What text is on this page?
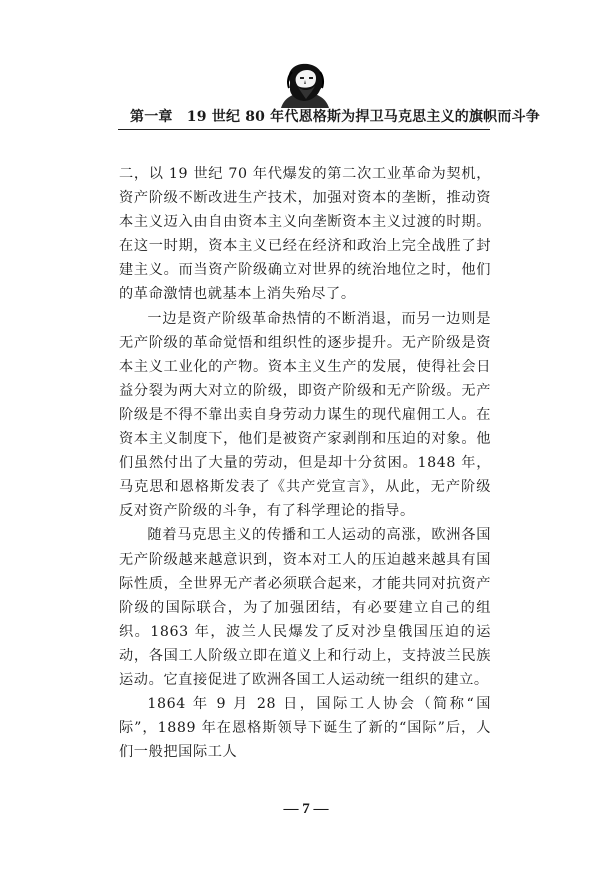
第一章　19 世纪 80 年代恩格斯为捍卫马克思主义的旗帜而斗争

二，以 19 世纪 70 年代爆发的第二次工业革命为契机，资产阶级不断改进生产技术，加强对资本的垄断，推动资本主义迈入由自由资本主义向垄断资本主义过渡的时期。在这一时期，资本主义已经在经济和政治上完全战胜了封建主义。而当资产阶级确立对世界的统治地位之时，他们的革命激情也就基本上消失殆尽了。

一边是资产阶级革命热情的不断消退，而另一边则是无产阶级的革命觉悟和组织性的逐步提升。无产阶级是资本主义工业化的产物。资本主义生产的发展，使得社会日益分裂为两大对立的阶级，即资产阶级和无产阶级。无产阶级是不得不靠出卖自身劳动力谋生的现代雇佣工人。在资本主义制度下，他们是被资产家剥削和压迫的对象。他们虽然付出了大量的劳动，但是却十分贫困。1848 年，马克思和恩格斯发表了《共产党宣言》，从此，无产阶级反对资产阶级的斗争，有了科学理论的指导。

随着马克思主义的传播和工人运动的高涨，欧洲各国无产阶级越来越意识到，资本对工人的压迫越来越具有国际性质，全世界无产者必须联合起来，才能共同对抗资产阶级的国际联合，为了加强团结，有必要建立自己的组织。1863 年，波兰人民爆发了反对沙皇俄国压迫的运动，各国工人阶级立即在道义上和行动上，支持波兰民族运动。它直接促进了欧洲各国工人运动统一组织的建立。

1864 年 9 月 28 日，国际工人协会（简称“国际”，1889 年在恩格斯领导下诞生了新的“国际”后，人们一般把国际工人

— 7 —
